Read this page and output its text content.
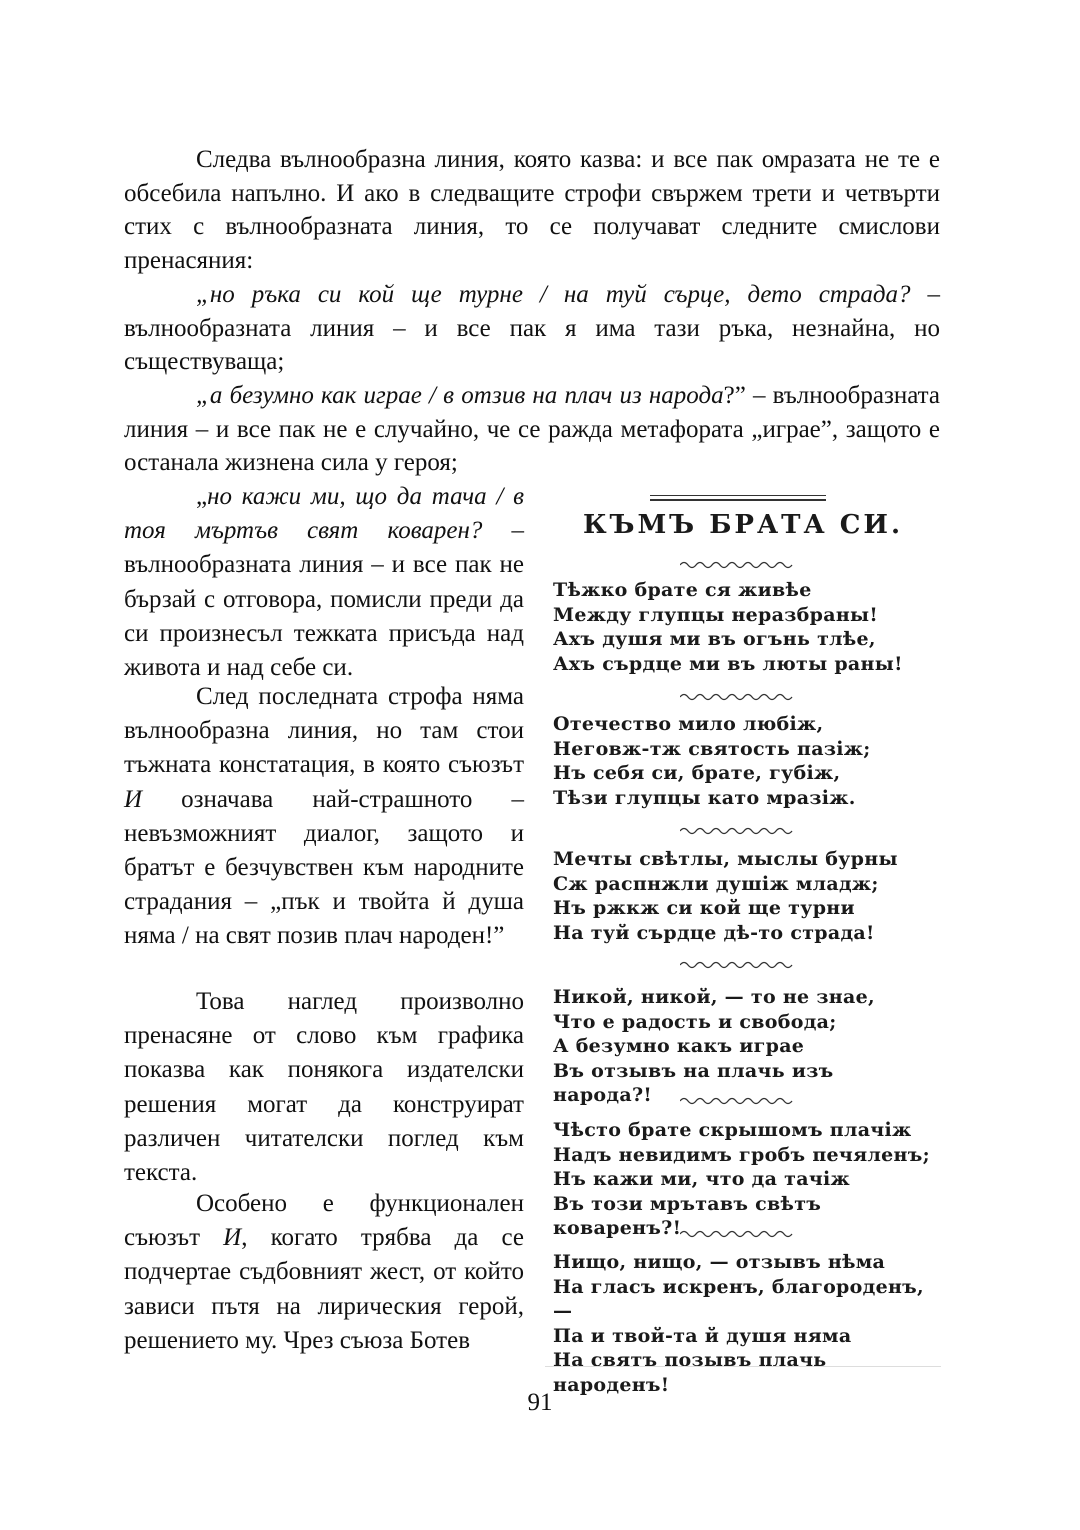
Следва вълнообразна линия, която казва: и все пак омразата не те е обсебила напълно. И ако в следващите строфи свържем трети и четвърти стих с вълнообразната линия, то се получават следните смислови пренасяния:

„но ръка си кой ще турне / на туй сърце, дето страда? – вълнообразната линия – и все пак я има тази ръка, незнайна, но съществуваща;

„а безумно как играе / в отзив на плач из народа?” – вълнообразната линия – и все пак не е случайно, че се ражда метафората „играе”, защото е останала жизнена сила у героя;

„но кажи ми, що да тача / в тоя мъртъв свят коварен? – вълнообразната линия – и все пак не бързай с отговора, помисли преди да си произнесъл тежката присъда над живота и над себе си.

След последната строфа няма вълнообразна линия, но там стои тъжната констатация, в която съюзът И означава най-страшното – невъзможният диалог, защото и братът е безчувствен към народните страдания – „пък и твойта й душа няма / на свят позив плач народен!”

Това наглед произволно пренасяне от слово към графика показва как понякога издателски решения могат да конструират различен читателски поглед към текста.

Особено е функционален съюзът И, когато трябва да се подчертае съдбовният жест, от който зависи пътя на лирическия герой, решението му. Чрез съюза Ботев

КЪМЪ БРАТА СИ.
Тѣжко брате ся живѣе
Между глупцы неразбраны!
Ахъ душя ми въ огънь тлѣе,
Ахъ сърдце ми въ люты раны!
Отечество мило любіж,
Неговж-тж святость пазіж;
Нъ себя си, брате, губіж,
Тѣзи глупцы като мразіж.
Мечты свѣтлы, мыслы бурны
Сж распнжли душіж младж;
Нъ ржкж си кой ще турни
На туй сърдце дѣ-то страда!
Никой, никой, — то не знае,
Что е радость и свобода;
А безумно какъ играе
Въ отзывъ на плачь изъ народа?!
Чѣсто брате скрышомъ плачіж
Надъ невидимъ гробъ печяленъ;
Нъ кажи ми, что да тачіж
Въ този мрътавъ свѣтъ коваренъ?!
Нищо, нищо, — отзывъ нѣма
На гласъ искренъ, благороденъ,—
Па и твой-та й душя няма
На святъ позывъ плачь народенъ!
91
